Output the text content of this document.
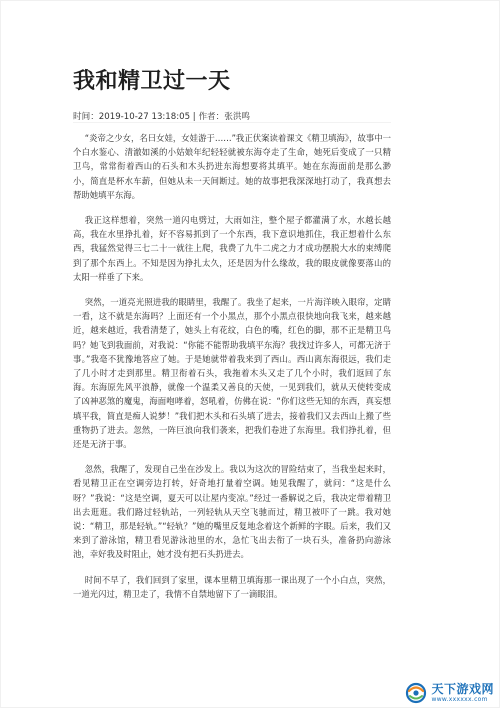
我和精卫过一天
时间：2019-10-27 13:18:05 | 作者：张洪鸣

“炎帝之少女，名曰女娃，女娃游于……”我正伏案读着课文《精卫填海》，故事中一个白水鉴心、清澈如溪的小姑娘年纪轻轻就被东海夺走了生命，她死后变成了一只精卫鸟，常常衔着西山的石头和木头扔进东海想要将其填平。她在东海面前是那么渺小，简直是杯水车薪，但她从未一天间断过。她的故事把我深深地打动了，我真想去帮助她填平东海。

我正这样想着，突然一道闪电劈过，大雨如注，整个屋子都灌满了水，水越长越高，我在水里挣扎着，好不容易抓到了一个东西，我下意识地抓住，我正想着什么东西，我猛然觉得三七二十一就往上爬，我费了九牛二虎之力才成功摆脱大水的束缚爬到了那个东西上。不知是因为挣扎太久，还是因为什么缘故，我的眼皮就像要落山的太阳一样垂了下来。

突然，一道亮光照进我的眼睛里，我醒了。我坐了起来，一片海洋映入眼帘，定睛一看，这不就是东海吗？上面还有一个小黑点，那个小黑点很快地向我飞来，越来越近，越来越近，我看清楚了，她头上有花纹，白色的嘴，红色的脚，那不正是精卫鸟吗？她飞到我面前，对我说：“你能不能帮助我填平东海？我找过许多人，可都无济于事。”我毫不犹豫地答应了她。于是她就带着我来到了西山。西山离东海很远，我们走了几小时才走到那里。精卫衔着石头，我拖着木头又走了几个小时，我们返回了东海。东海原先风平浪静，就像一个温柔又善良的天使，一见到我们，就从天使转变成了凶神恶煞的魔鬼，海面咆哮着，怒吼着，仿佛在说：“你们这些无知的东西，真妄想填平我，简直是痴人说梦！”我们把木头和石头填了进去，接着我们又去西山上搬了些重物扔了进去。忽然，一阵巨浪向我们袭来，把我们卷进了东海里。我们挣扎着，但还是无济于事。

忽然，我醒了，发现自己坐在沙发上。我以为这次的冒险结束了，当我坐起来时，看见精卫正在空调旁边打转，好奇地打量着空调。她见我醒了，就问：“这是什么呀？”我说：“这是空调，夏天可以让屋内变凉。”经过一番解说之后，我决定带着精卫出去逛逛。我们路过轻轨站，一列轻轨从天空飞驰而过，精卫被吓了一跳。我对她说：“精卫，那是轻轨。”“轻轨？”她的嘴里反复地念着这个新鲜的字眼。后来，我们又来到了游泳馆，精卫看见游泳池里的水，急忙飞出去衔了一块石头，准备扔向游泳池，幸好我及时阻止，她才没有把石头扔进去。

时间不早了，我们回到了家里，课本里精卫填海那一课出现了一个小白点，突然，一道光闪过，精卫走了，我情不自禁地留下了一滴眼泪。

天下游戏网
www.xxxxxx.com
